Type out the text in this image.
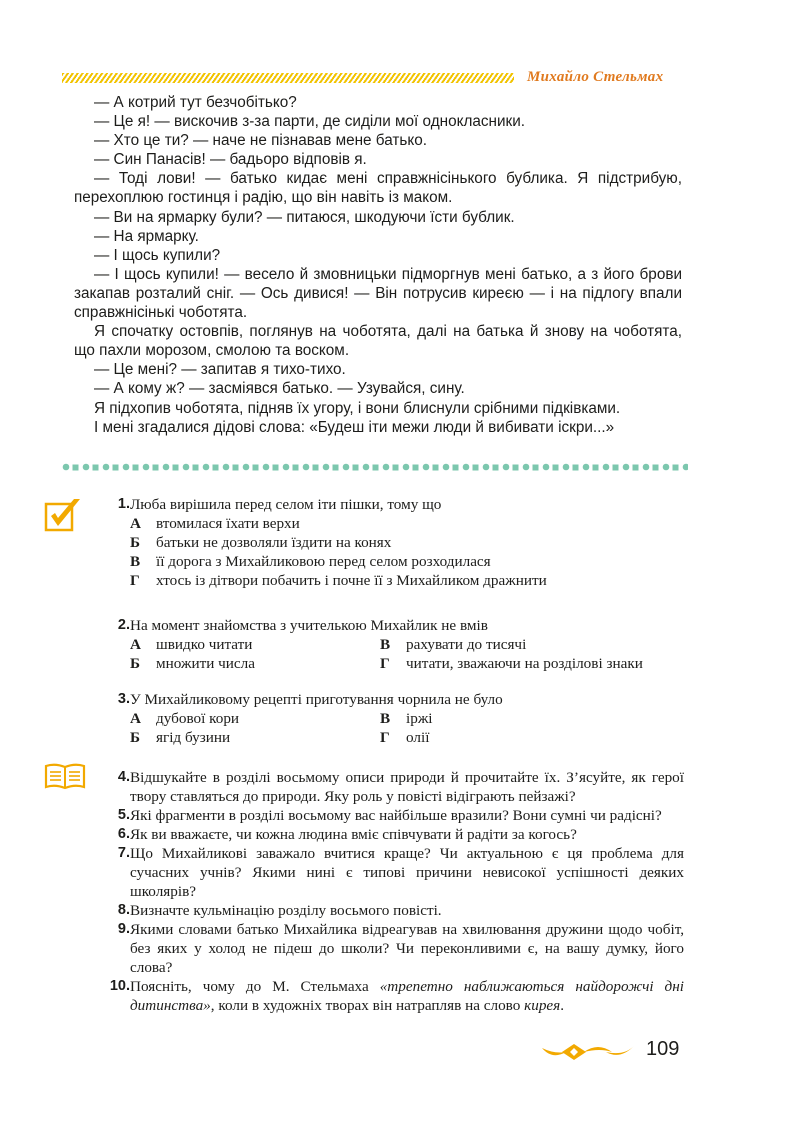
Михайло Стельмах
— А котрий тут безчобітько?
— Це я! — вискочив з-за парти, де сиділи мої однокласники.
— Хто це ти? — наче не пізнавав мене батько.
— Син Панасів! — бадьоро відповів я.
— Тоді лови! — батько кидає мені справжнісінького бублика. Я підстрибую, перехоплюю гостинця і радію, що він навіть із маком.
— Ви на ярмарку були? — питаюся, шкодуючи їсти бублик.
— На ярмарку.
— І щось купили?
— І щось купили! — весело й змовницьки підморгнув мені батько, а з його брови закапав розталий сніг. — Ось дивися! — Він потрусив киреєю — і на підлогу впали справжнісінькі чоботята.
Я спочатку остовпів, поглянув на чоботята, далі на батька й знову на чоботята, що пахли морозом, смолою та воском.
— Це мені? — запитав я тихо-тихо.
— А кому ж? — засміявся батько. — Узувайся, сину.
Я підхопив чоботята, підняв їх угору, і вони блиснули срібними підківками.
І мені згадалися дідові слова: «Будеш іти межи люди й вибивати іскри...»
1. Люба вирішила перед селом іти пішки, тому що
А втомилася їхати верхи
Б	батьки не дозволяли їздити на конях
В	її дорога з Михайликовою перед селом розходилася
Г	хтось із дітвори побачить і почне її з Михайликом дражнити
2. На момент знайомства з учителькою Михайлик не вмів
А швидко читати	В	рахувати до тисячі
Б	множити числа	Г	читати, зважаючи на розділові знаки
3. У Михайликовому рецепті приготування чорнила не було
А дубової кори	В	іржі
Б	ягід бузини	Г	олії
4. Відшукайте в розділі восьмому описи природи й прочитайте їх. З’ясуйте, як герої твору ставляться до природи. Яку роль у повісті відіграють пейзажі?
5. Які фрагменти в розділі восьмому вас найбільше вразили? Вони сумні чи радісні?
6. Як ви вважаєте, чи кожна людина вміє співчувати й радіти за когось?
7. Що Михайликові заважало вчитися краще? Чи актуальною є ця проблема для сучасних учнів? Якими нині є типові причини невисокої успішності деяких школярів?
8. Визначте кульмінацію розділу восьмого повісті.
9. Якими словами батько Михайлика відреагував на хвилювання дружини щодо чобіт, без яких у холод не підеш до школи? Чи переконливими є, на вашу думку, його слова?
10. Поясніть, чому до М. Стельмаха «трепетно наближаються найдорожчі дні дитинства», коли в художніх творах він натрапляв на слово кирея.
109
